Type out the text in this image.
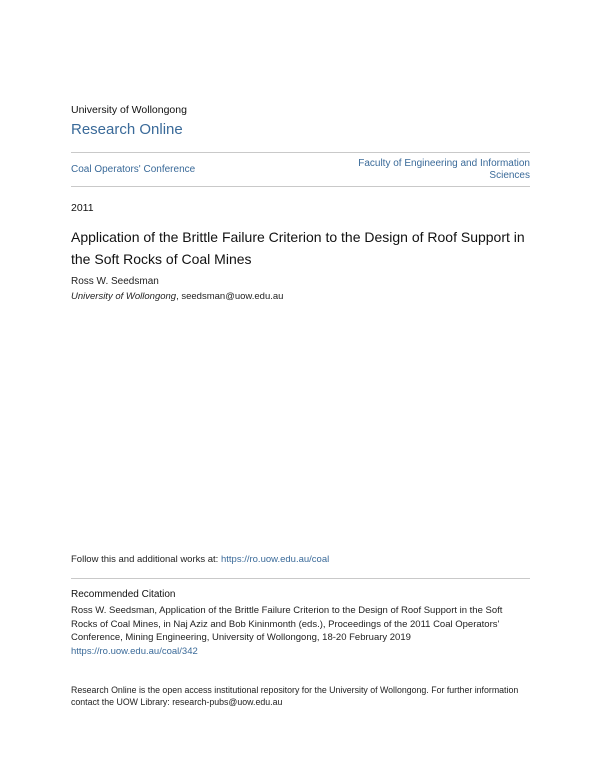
University of Wollongong
Research Online
Coal Operators' Conference
Faculty of Engineering and Information Sciences
2011
Application of the Brittle Failure Criterion to the Design of Roof Support in the Soft Rocks of Coal Mines
Ross W. Seedsman
University of Wollongong, seedsman@uow.edu.au
Follow this and additional works at: https://ro.uow.edu.au/coal
Recommended Citation
Ross W. Seedsman, Application of the Brittle Failure Criterion to the Design of Roof Support in the Soft Rocks of Coal Mines, in Naj Aziz and Bob Kininmonth (eds.), Proceedings of the 2011 Coal Operators' Conference, Mining Engineering, University of Wollongong, 18-20 February 2019
https://ro.uow.edu.au/coal/342
Research Online is the open access institutional repository for the University of Wollongong. For further information contact the UOW Library: research-pubs@uow.edu.au
